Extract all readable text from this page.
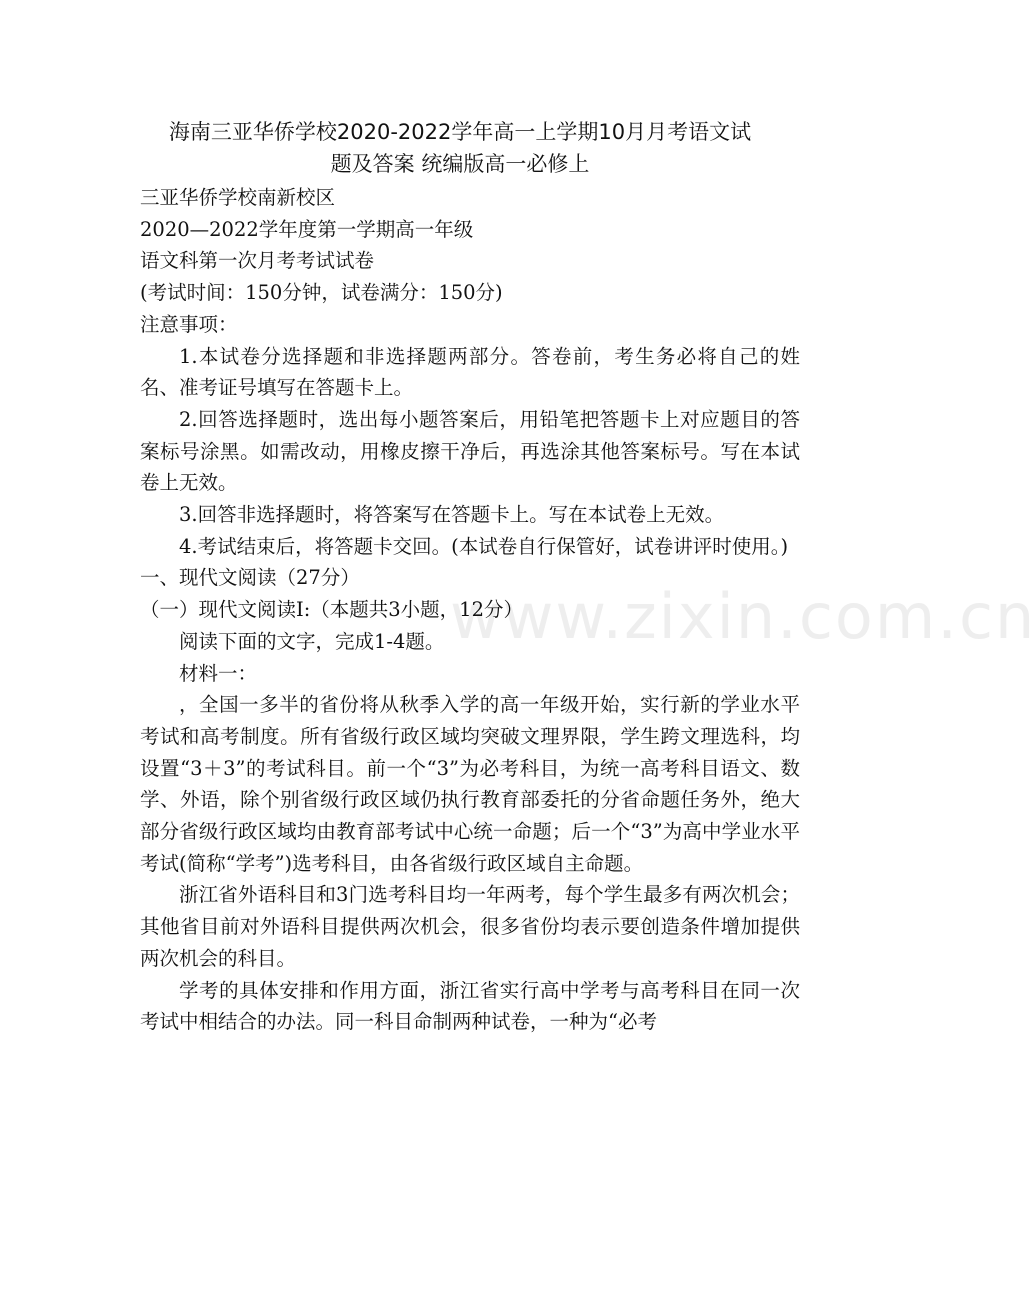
www.zixin.com.cn
海南三亚华侨学校2020-2022学年高一上学期10月月考语文试
题及答案 统编版高一必修上

三亚华侨学校南新校区

2020—2022学年度第一学期高一年级

语文科第一次月考考试试卷

(考试时间：150分钟，试卷满分：150分)

注意事项：

1.本试卷分选择题和非选择题两部分。答卷前，考生务必将自己的姓名、准考证号填写在答题卡上。

2.回答选择题时，选出每小题答案后，用铅笔把答题卡上对应题目的答案标号涂黑。如需改动，用橡皮擦干净后，再选涂其他答案标号。写在本试卷上无效。

3.回答非选择题时，将答案写在答题卡上。写在本试卷上无效。

4.考试结束后，将答题卡交回。(本试卷自行保管好，试卷讲评时使用。)

一、现代文阅读（27分）

（一）现代文阅读Ⅰ:（本题共3小题，12分）

阅读下面的文字，完成1-4题。

材料一：

，全国一多半的省份将从秋季入学的高一年级开始，实行新的学业水平考试和高考制度。所有省级行政区域均突破文理界限，学生跨文理选科，均设置“3＋3”的考试科目。前一个“3”为必考科目，为统一高考科目语文、数学、外语，除个别省级行政区域仍执行教育部委托的分省命题任务外，绝大部分省级行政区域均由教育部考试中心统一命题；后一个“3”为高中学业水平考试(简称“学考”)选考科目，由各省级行政区域自主命题。

浙江省外语科目和3门选考科目均一年两考，每个学生最多有两次机会；其他省目前对外语科目提供两次机会，很多省份均表示要创造条件增加提供两次机会的科目。

学考的具体安排和作用方面，浙江省实行高中学考与高考科目在同一次考试中相结合的办法。同一科目命制两种试卷，一种为“必考
